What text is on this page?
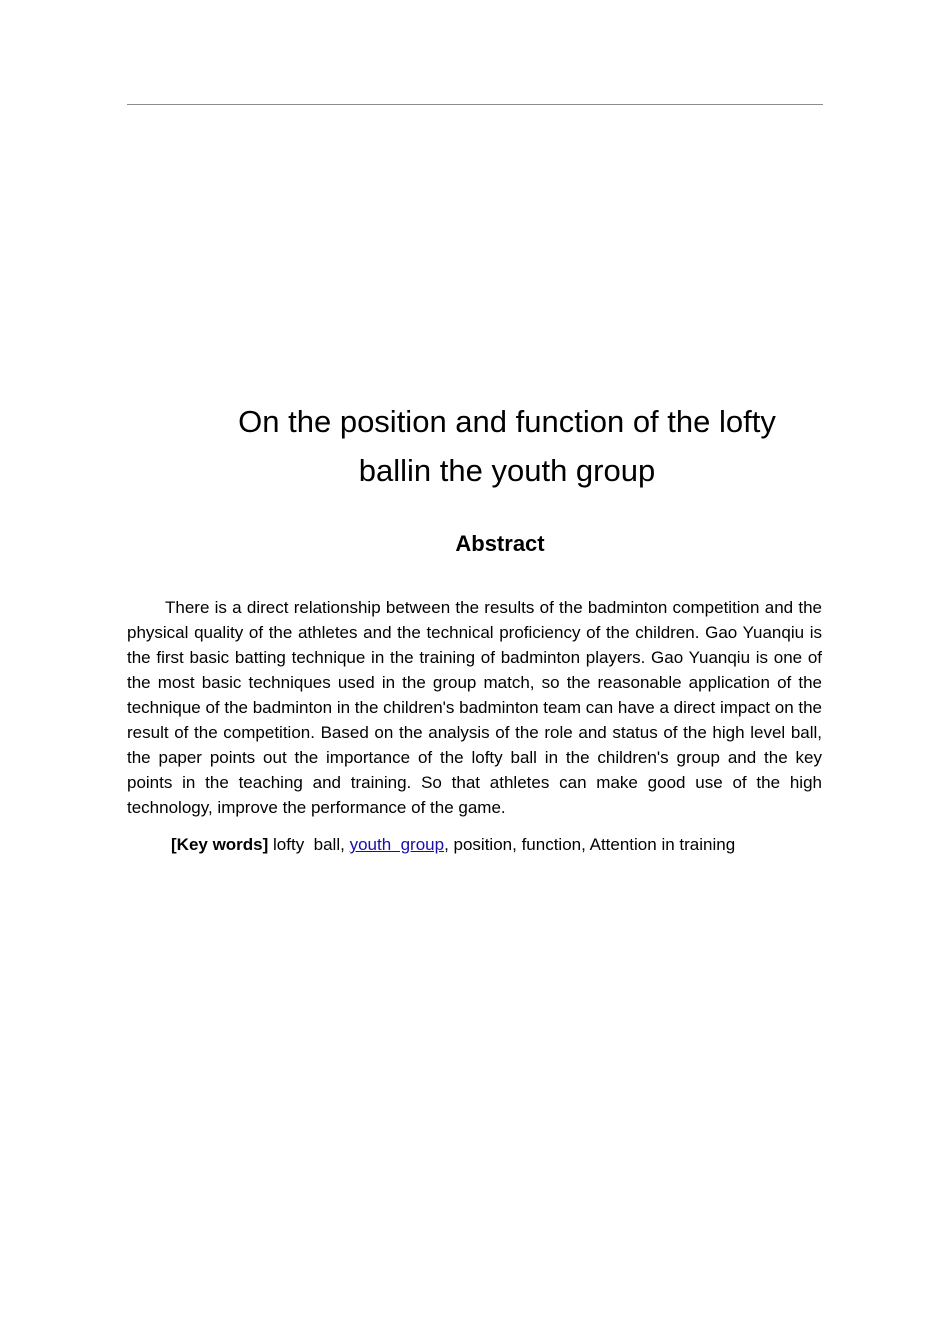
On the position and function of the lofty
ballin the youth group
Abstract

There is a direct relationship between the results of the badminton competition and the physical quality of the athletes and the technical proficiency of the children. Gao Yuanqiu is the first basic batting technique in the training of badminton players. Gao Yuanqiu is one of the most basic techniques used in the group match, so the reasonable application of the technique of the badminton in the children's badminton team can have a direct impact on the result of the competition. Based on the analysis of the role and status of the high level ball, the paper points out the importance of the lofty ball in the children's group and the key points in the teaching and training. So that athletes can make good use of the high technology, improve the performance of the game.

[Key words] lofty  ball, youth  group, position, function, Attention in training
